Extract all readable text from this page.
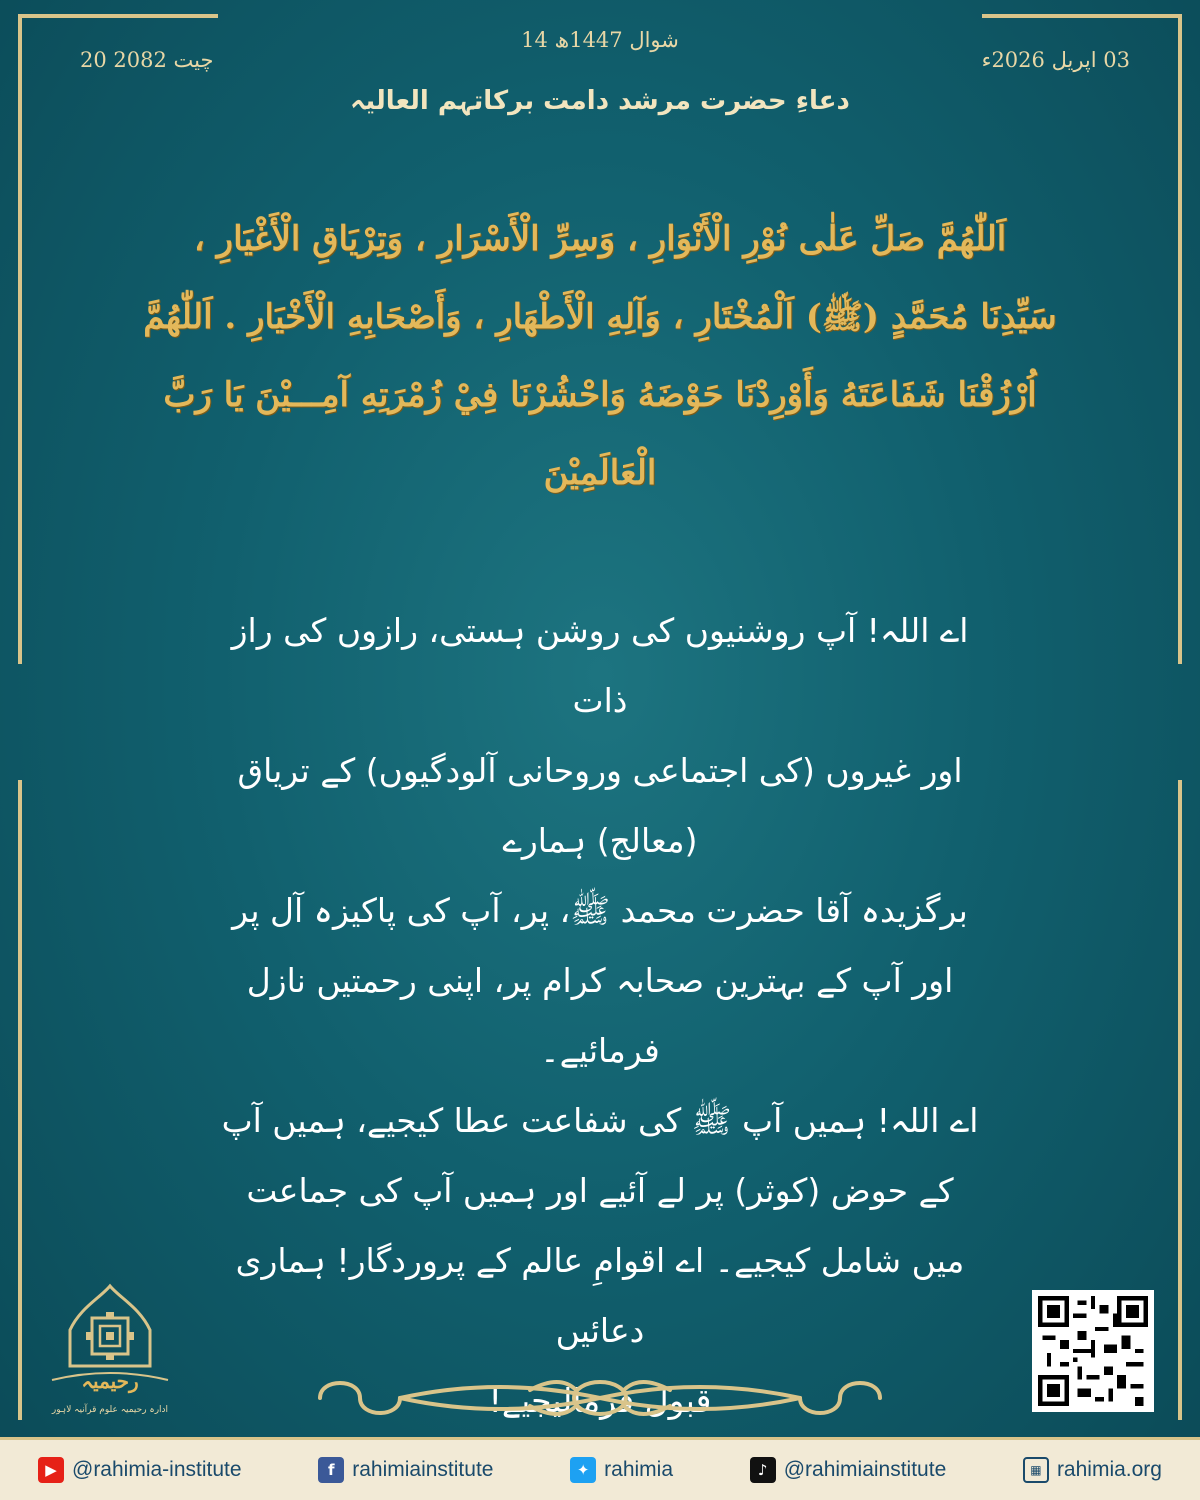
20 چیت 2082
14 شوال 1447ھ
03 اپریل 2026ء
دعاءِ حضرت مرشد دامت برکاتہم العالیہ
اَللّٰھُمَّ صَلِّ عَلٰی نُوْرِ الْأَنْوَارِ ، وَسِرِّ الْأَسْرَارِ ، وَتِرْيَاقِ الْأَغْيَارِ ،
سَيِّدِنَا مُحَمَّدٍ (ﷺ) اَلْمُخْتَارِ ، وَآلِهِ الْأَطْهَارِ ، وَأَصْحَابِهِ الْأَخْيَارِ . اَللّٰھُمَّ
اُرْزُقْنَا شَفَاعَتَهُ وَأَوْرِدْنَا حَوْضَهُ وَاحْشُرْنَا فِيْ زُمْرَتِهِ آمِـــيْنَ يَا رَبَّ
الْعَالَمِيْنَ

اے اللہ! آپ روشنیوں کی روشن ہستی، رازوں کی راز ذات

اور غیروں (کی اجتماعی وروحانی آلودگیوں) کے تریاق (معالج) ہمارے

برگزیدہ آقا حضرت محمد ﷺ، پر، آپ کی پاکیزہ آل پر

اور آپ کے بہترین صحابہ کرام پر، اپنی رحمتیں نازل فرمائیے۔

اے اللہ! ہمیں آپ ﷺ کی شفاعت عطا کیجیے، ہمیں آپ

کے حوض (کوثر) پر لے آئیے اور ہمیں آپ کی جماعت

میں شامل کیجیے۔ اے اقوامِ عالم کے پروردگار! ہماری دعائیں

قبول فرمالیجیے!

رحیمیہ
ادارہ رحیمیہ علوم قرآنیہ لاہور
▶ @rahimia-institute	f rahimiainstitute	✦ rahimia	♪ @rahimiainstitute	▦ rahimia.org
